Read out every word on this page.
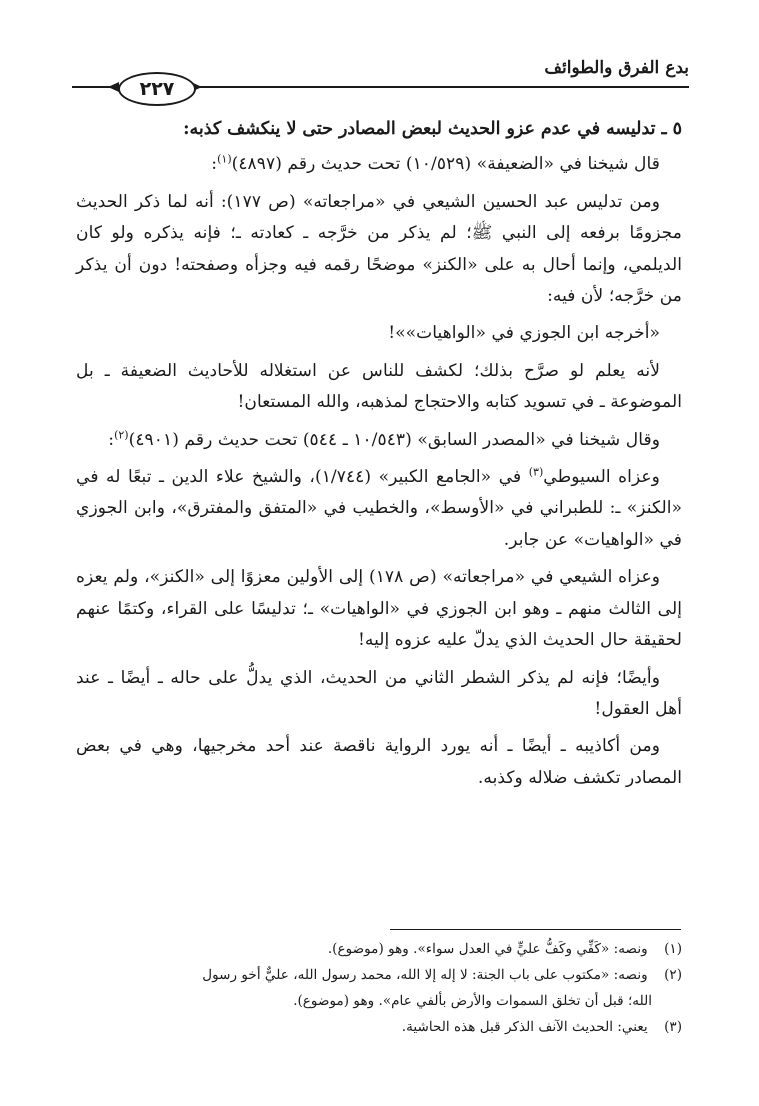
بدع الفرق والطوائف
٢٢٧

٥ ـ تدليسه في عدم عزو الحديث لبعض المصادر حتى لا ينكشف كذبه:

قال شيخنا في «الضعيفة» (١٠/٥٢٩) تحت حديث رقم (٤٨٩٧)$^{(١)}$:

ومن تدليس عبد الحسين الشيعي في «مراجعاته» (ص ١٧٧): أنه لما ذكر الحديث مجزومًا برفعه إلى النبي ﷺ؛ لم يذكر من خرَّجه ـ كعادته ـ؛ فإنه يذكره ولو كان الديلمي، وإنما أحال به على «الكنز» موضحًا رقمه فيه وجزأه وصفحته! دون أن يذكر من خرَّجه؛ لأن فيه:

«أخرجه ابن الجوزي في «الواهيات»»!

لأنه يعلم لو صرَّح بذلك؛ لكشف للناس عن استغلاله للأحاديث الضعيفة ـ بل الموضوعة ـ في تسويد كتابه والاحتجاج لمذهبه، والله المستعان!

وقال شيخنا في «المصدر السابق» (١٠/٥٤٣ ـ ٥٤٤) تحت حديث رقم (٤٩٠١)$^{(٢)}$:

وعزاه السيوطي$^{(٣)}$ في «الجامع الكبير» (١/٧٤٤)، والشيخ علاء الدين ـ تبعًا له في «الكنز» ـ: للطبراني في «الأوسط»، والخطيب في «المتفق والمفترق»، وابن الجوزي في «الواهيات» عن جابر.

وعزاه الشيعي في «مراجعاته» (ص ١٧٨) إلى الأولين معزوًا إلى «الكنز»، ولم يعزه إلى الثالث منهم ـ وهو ابن الجوزي في «الواهيات» ـ؛ تدليسًا على القراء، وكتمًا عنهم لحقيقة حال الحديث الذي يدلّ عليه عزوه إليه!

وأيضًا؛ فإنه لم يذكر الشطر الثاني من الحديث، الذي يدلُّ على حاله ـ أيضًا ـ عند أهل العقول!

ومن أكاذيبه ـ أيضًا ـ أنه يورد الرواية ناقصة عند أحد مخرجيها، وهي في بعض المصادر تكشف ضلاله وكذبه.

(١) ونصه: «كَفِّي وكَفُّ عليٍّ في العدل سواء». وهو (موضوع).

(٢) ونصه: «مكتوب على باب الجنة: لا إله إلا الله، محمد رسول الله، عليٌّ أخو رسول

الله؛ قبل أن تخلق السموات والأرض بألفي عام». وهو (موضوع).

(٣) يعني: الحديث الآنف الذكر قبل هذه الحاشية.
